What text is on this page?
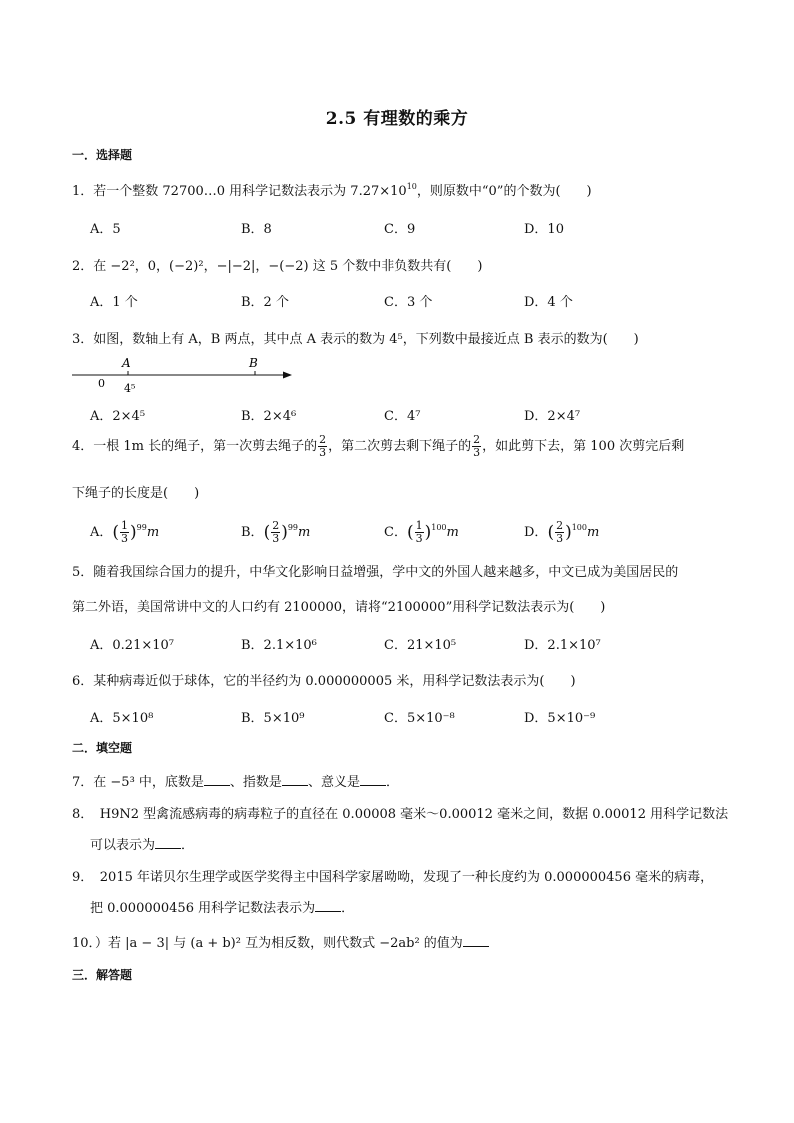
2.5 有理数的乘方
一．选择题
1．若一个整数 72700…0 用科学记数法表示为 $7.27\times 10^{10}$，则原数中“0”的个数为(　　)
A．5	B．8	C．9	D．10
2．在 −2²，0，(−2)²，−|−2|，−(−2) 这 5 个数中非负数共有(　　)
A．1 个	B．2 个	C．3 个	D．4 个
3．如图，数轴上有 A，B 两点，其中点 A 表示的数为 4⁵，下列数中最接近点 B 表示的数为(　　)
A	B
0 4⁵
A．2×4⁵	B．2×4⁶	C．4⁷	D．2×4⁷
4．一根 1m 长的绳子，第一次剪去绳子的 $\frac{2}{3}$ ，第二次剪去剩下绳子的 $\frac{2}{3}$ ，如此剪下去，第 100 次剪完后剩
下绳子的长度是(　　)
A．( $\frac{1}{3} )^{99}m$	B．( $\frac{2}{3} )^{99}m$	C．( $\frac{1}{3} )^{100}m$	D．( $\frac{2}{3} )^{100}m$
5．随着我国综合国力的提升，中华文化影响日益增强，学中文的外国人越来越多，中文已成为美国居民的
第二外语，美国常讲中文的人口约有 2100000，请将“2100000”用科学记数法表示为(　　)
A．0.21×10⁷	B．2.1×10⁶	C．21×10⁵	D．2.1×10⁷
6．某种病毒近似于球体，它的半径约为 0.000000005 米，用科学记数法表示为(　　)
A．5×10⁸	B．5×10⁹	C．5×10⁻⁸	D．5×10⁻⁹
二．填空题
7．在 −5³ 中，底数是 、指数是 、意义是 ．
8．　H9N2 型禽流感病毒的病毒粒子的直径在 0.00008 毫米～0.00012 毫米之间，数据 0.00012 用科学记数法
可以表示为 ．
9．　2015 年诺贝尔生理学或医学奖得主中国科学家屠呦呦，发现了一种长度约为 0.000000456 毫米的病毒，
把 0.000000456 用科学记数法表示为 ．
10．）若 |a − 3| 与 (a + b)² 互为相反数，则代数式 −2ab² 的值为
三．解答题
